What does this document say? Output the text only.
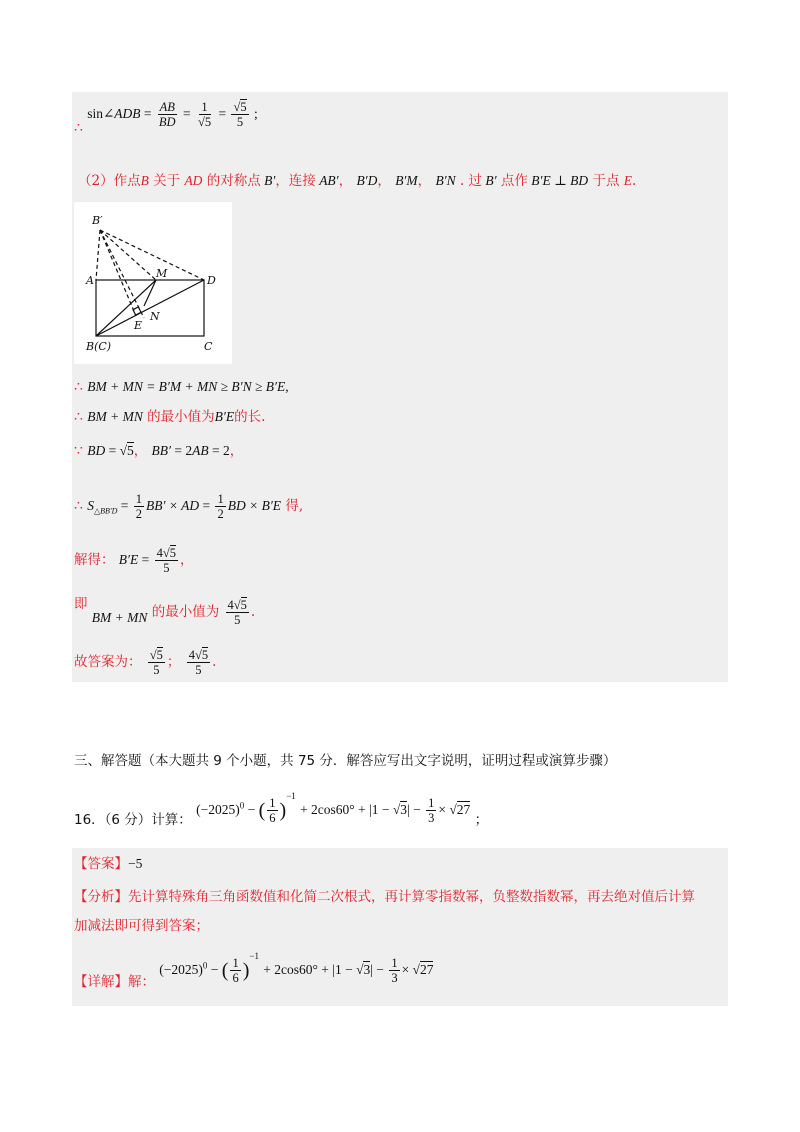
∴ sin∠ADB = $\frac{AB}{BD} = \frac{1}{√5} = \frac{√5}{5}$ ;
（2）作点B 关于 AD 的对称点 B′，连接 AB′， B′D， B′M， B′N . 过 B′ 点作 B′E ⊥ BD 于点 E.
B′
A
M
D
N
E
B(C)	C
∴ BM + MN = B′M + MN ≥ B′N ≥ B′E,
∴ BM + MN 的最小值为B′E的长.
∵ BD = √5， BB′ = 2AB = 2，
∴ $S_{\triangle BB'D} = \frac{1}{2} BB'$ × AD = $\frac{1}{2}$ BD × B′E 得,
解得： $B'E = \frac{4√5}{5}$ ，
即 BM + MN 的最小值为 $\frac{4√5}{5}$ .
故答案为： $\frac{√5}{5}$ ； $\frac{4√5}{5}$ .
三、解答题（本大题共 9 个小题，共 75 分．解答应写出文字说明，证明过程或演算步骤）
16．（6 分）计算： $(-2025)^0$ − ( $\frac{1}{6} )^{-1} + 2\cos 60^\circ + |1 - √3| - \frac{1}{3} \times √27$ ；
【答案】−5
【分析】先计算特殊角三角函数值和化简二次根式，再计算零指数幂，负整数指数幂，再去绝对值后计算
加减法即可得到答案；
【详解】解： $(-2025)^0$ − ( $\frac{1}{6} )^{-1} + 2\cos 60^\circ + |1 - √3| - \frac{1}{3} \times √27$
